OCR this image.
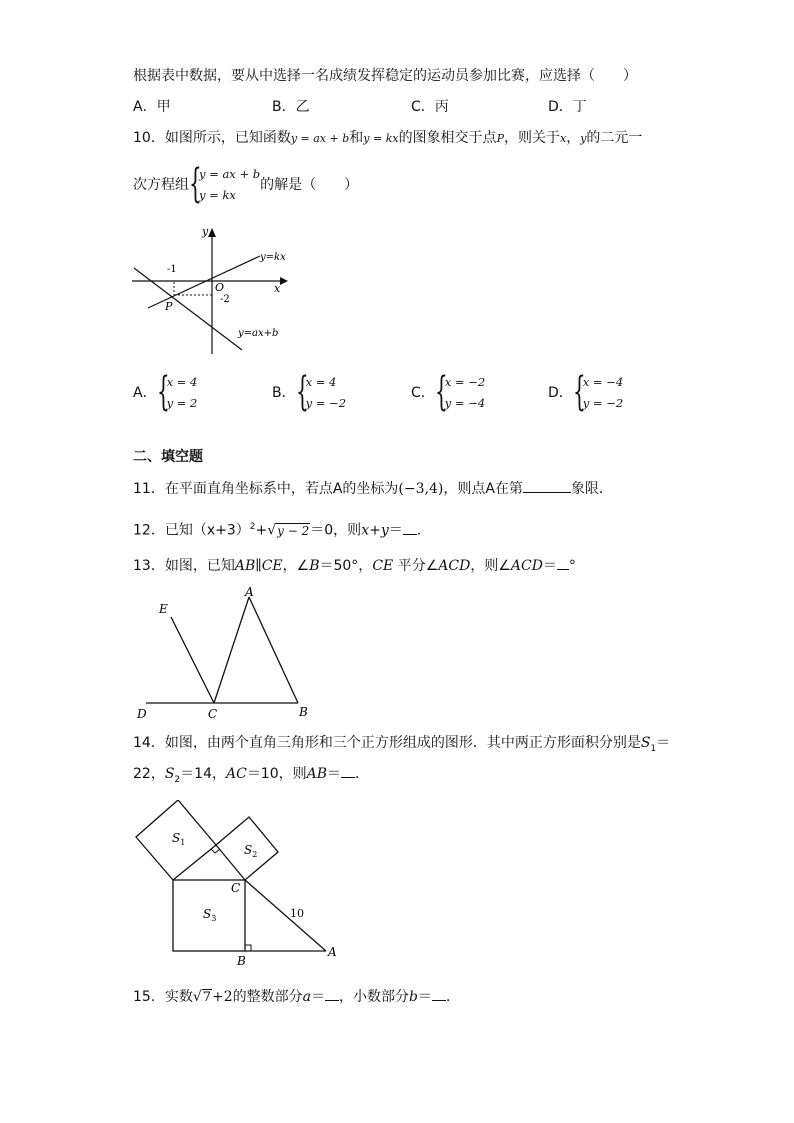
根据表中数据，要从中选择一名成绩发挥稳定的运动员参加比赛，应选择（　　）
A．甲	B．乙	C．丙	D．丁
10．如图所示，已知函数y = ax + b和y = kx的图象相交于点P，则关于x，y的二元一
次方程组 {
y = ax + b
y = kx
的解是（　　）
y
x
O
-1
-2
P
y=kx
y=ax+b
A． {
x = 4
y = 2
B． {
x = 4
y = −2
C． {
x = −2
y = −4
D． {
x = −4
y = −2
二、填空题
11．在平面直角坐标系中，若点A的坐标为(−3,4)，则点A在第	象限．
12．已知$(x+3)^2+√y - 2=0$，则x+y＝ ．
13．如图，已知AB∥CE，∠B＝50°，CE 平分∠ACD，则∠ACD＝ °
E
A
D	C	B
14．如图，由两个直角三角形和三个正方形组成的图形．其中两正方形面积分别是$S_1=$
22，$S_2=14$，AC＝10，则AB＝ ．
$S_1$
$S_2$
$S_3$
C
B
A
10
15．实数√7+2的整数部分a＝ ，小数部分b＝ ．
